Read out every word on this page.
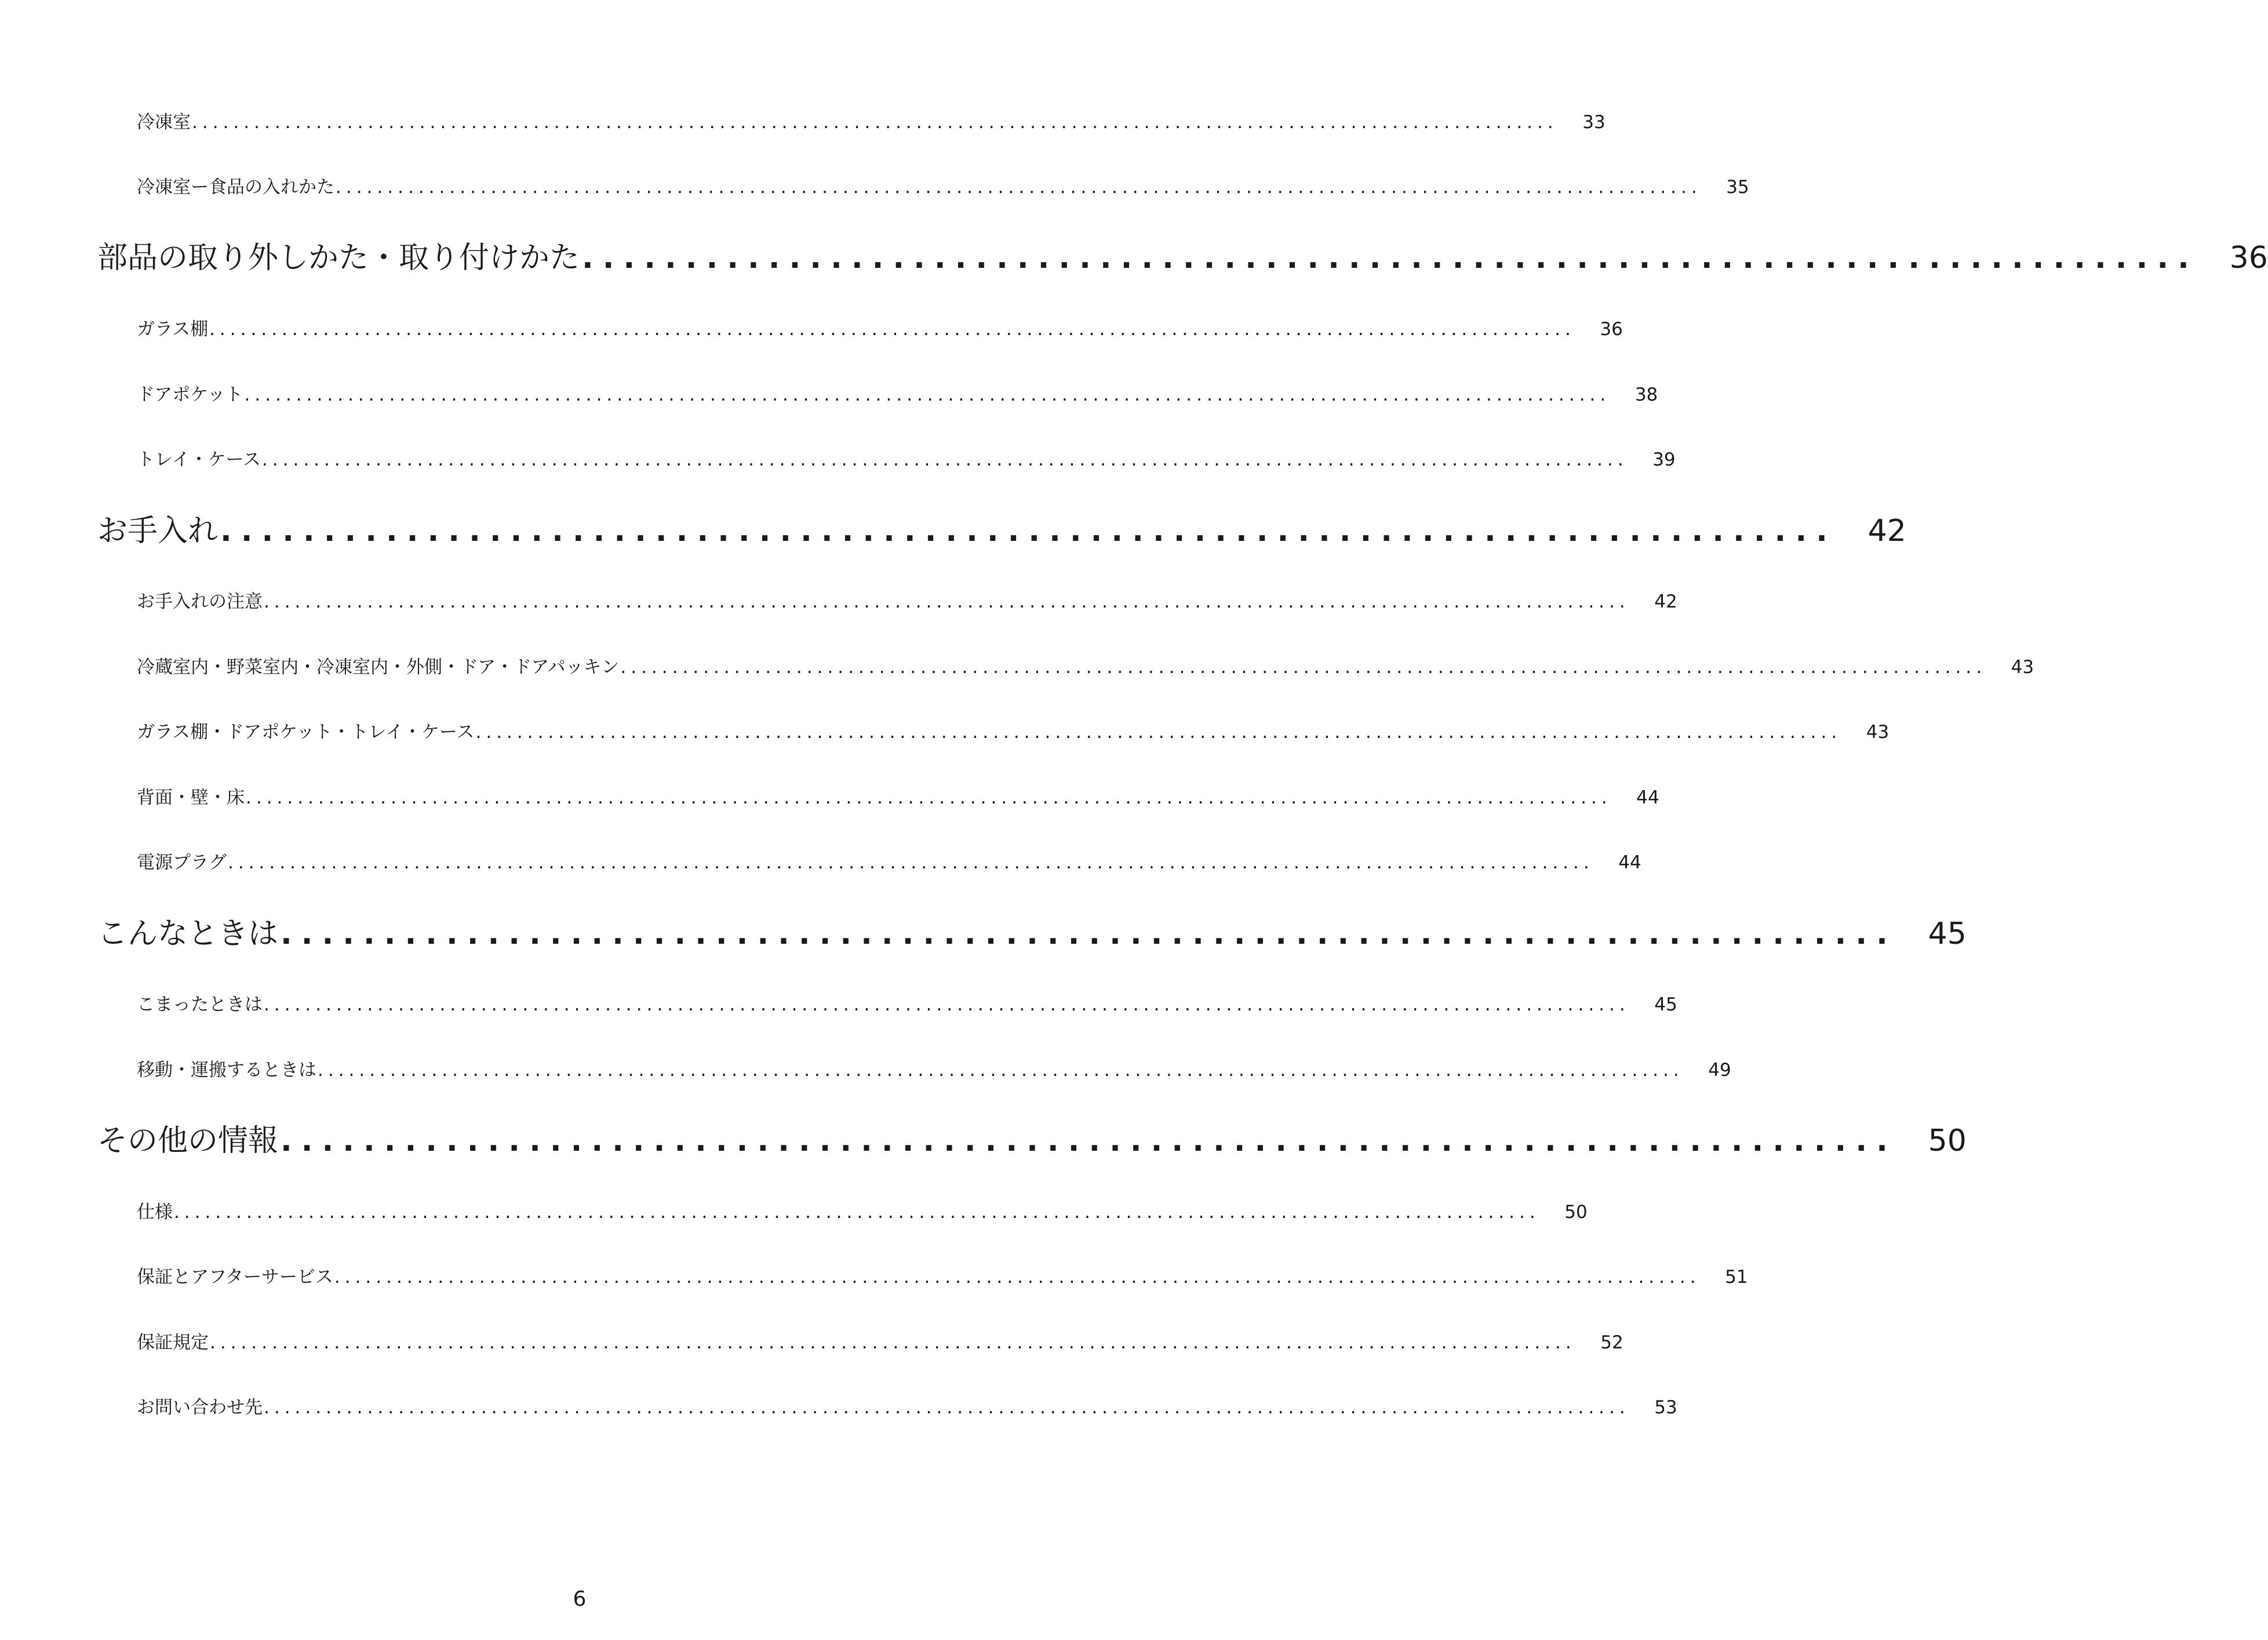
冷凍室 ....................................................................................................................................	33
冷凍室ー食品の入れかた ....................................................................................................................................	35
部品の取り外しかた・取り付けかた .............................................................................. 36
ガラス棚 ....................................................................................................................................	36
ドアポケット ....................................................................................................................................	38
トレイ・ケース ....................................................................................................................................	39
お手入れ .............................................................................. 42
お手入れの注意 ....................................................................................................................................	42
冷蔵室内・野菜室内・冷凍室内・外側・ドア・ドアパッキン ....................................................................................................................................	43
ガラス棚・ドアポケット・トレイ・ケース ....................................................................................................................................	43
背面・壁・床 ....................................................................................................................................	44
電源プラグ ....................................................................................................................................	44
こんなときは .............................................................................. 45
こまったときは ....................................................................................................................................	45
移動・運搬するときは ....................................................................................................................................	49
その他の情報 .............................................................................. 50
仕様 ....................................................................................................................................	50
保証とアフターサービス ....................................................................................................................................	51
保証規定 ....................................................................................................................................	52
お問い合わせ先 ....................................................................................................................................	53
6
